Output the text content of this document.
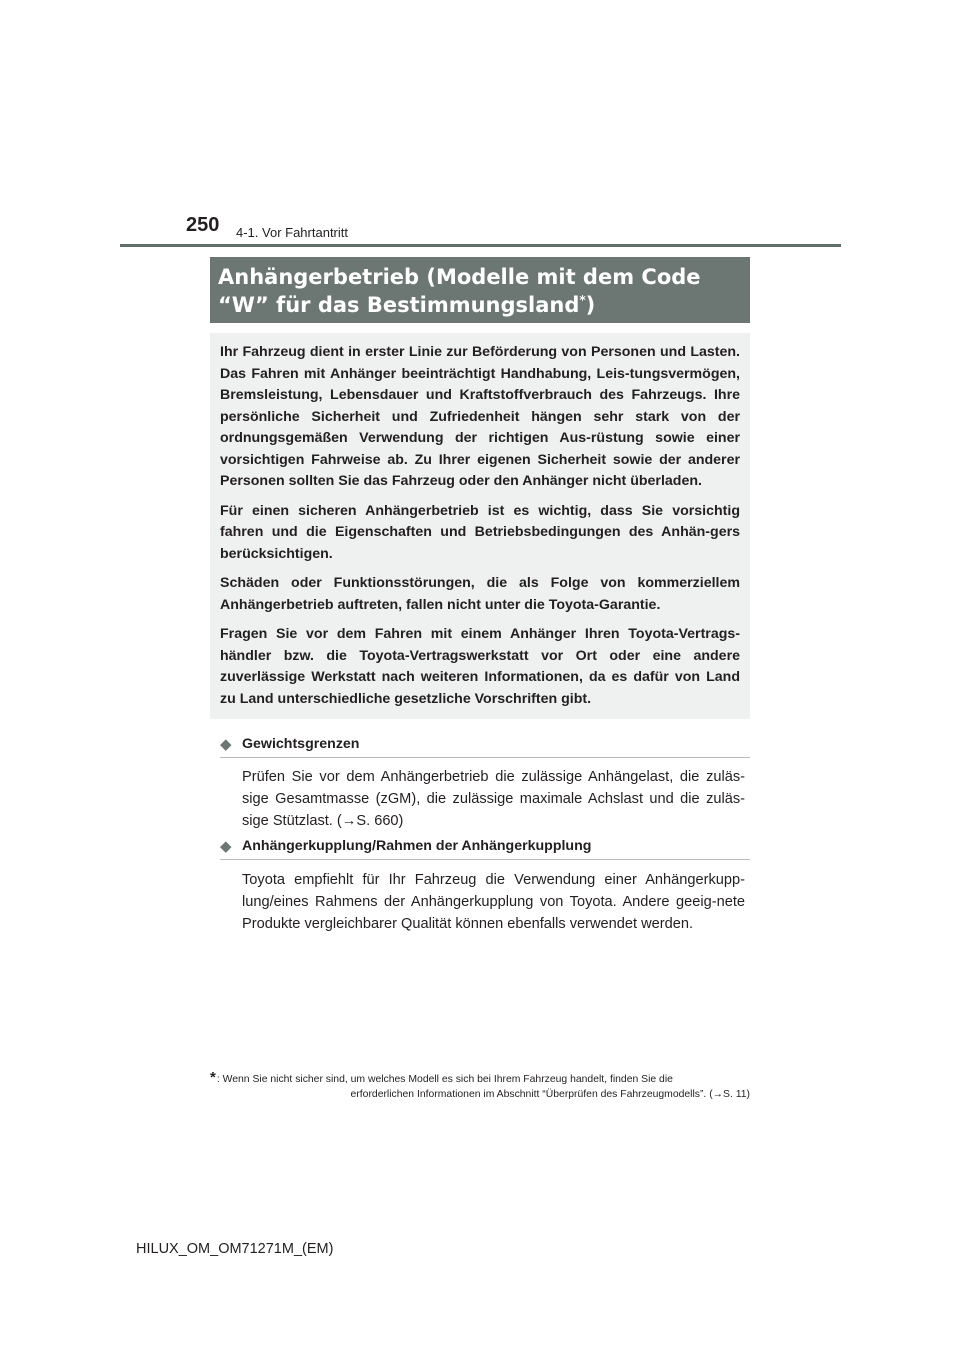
250 4-1. Vor Fahrtantritt
Anhängerbetrieb (Modelle mit dem Code
“W” für das Bestimmungsland*)

Ihr Fahrzeug dient in erster Linie zur Beförderung von Personen und Lasten. Das Fahren mit Anhänger beeinträchtigt Handhabung, Leis-tungsvermögen, Bremsleistung, Lebensdauer und Kraftstoffverbrauch des Fahrzeugs. Ihre persönliche Sicherheit und Zufriedenheit hängen sehr stark von der ordnungsgemäßen Verwendung der richtigen Aus-rüstung sowie einer vorsichtigen Fahrweise ab. Zu Ihrer eigenen Sicherheit sowie der anderer Personen sollten Sie das Fahrzeug oder den Anhänger nicht überladen.

Für einen sicheren Anhängerbetrieb ist es wichtig, dass Sie vorsichtig fahren und die Eigenschaften und Betriebsbedingungen des Anhän-gers berücksichtigen.

Schäden oder Funktionsstörungen, die als Folge von kommerziellem Anhängerbetrieb auftreten, fallen nicht unter die Toyota-Garantie.

Fragen Sie vor dem Fahren mit einem Anhänger Ihren Toyota-Vertrags-händler bzw. die Toyota-Vertragswerkstatt vor Ort oder eine andere zuverlässige Werkstatt nach weiteren Informationen, da es dafür von Land zu Land unterschiedliche gesetzliche Vorschriften gibt.

◆ Gewichtsgrenzen

Prüfen Sie vor dem Anhängerbetrieb die zulässige Anhängelast, die zuläs-sige Gesamtmasse (zGM), die zulässige maximale Achslast und die zuläs-sige Stützlast. (→S. 660)

◆ Anhängerkupplung/Rahmen der Anhängerkupplung

Toyota empfiehlt für Ihr Fahrzeug die Verwendung einer Anhängerkupp-lung/eines Rahmens der Anhängerkupplung von Toyota. Andere geeig-nete Produkte vergleichbarer Qualität können ebenfalls verwendet werden.

* : Wenn Sie nicht sicher sind, um welches Modell es sich bei Ihrem Fahrzeug handelt, finden Sie die
erforderlichen Informationen im Abschnitt “Überprüfen des Fahrzeugmodells”. (→S. 11)
HILUX_OM_OM71271M_(EM)
